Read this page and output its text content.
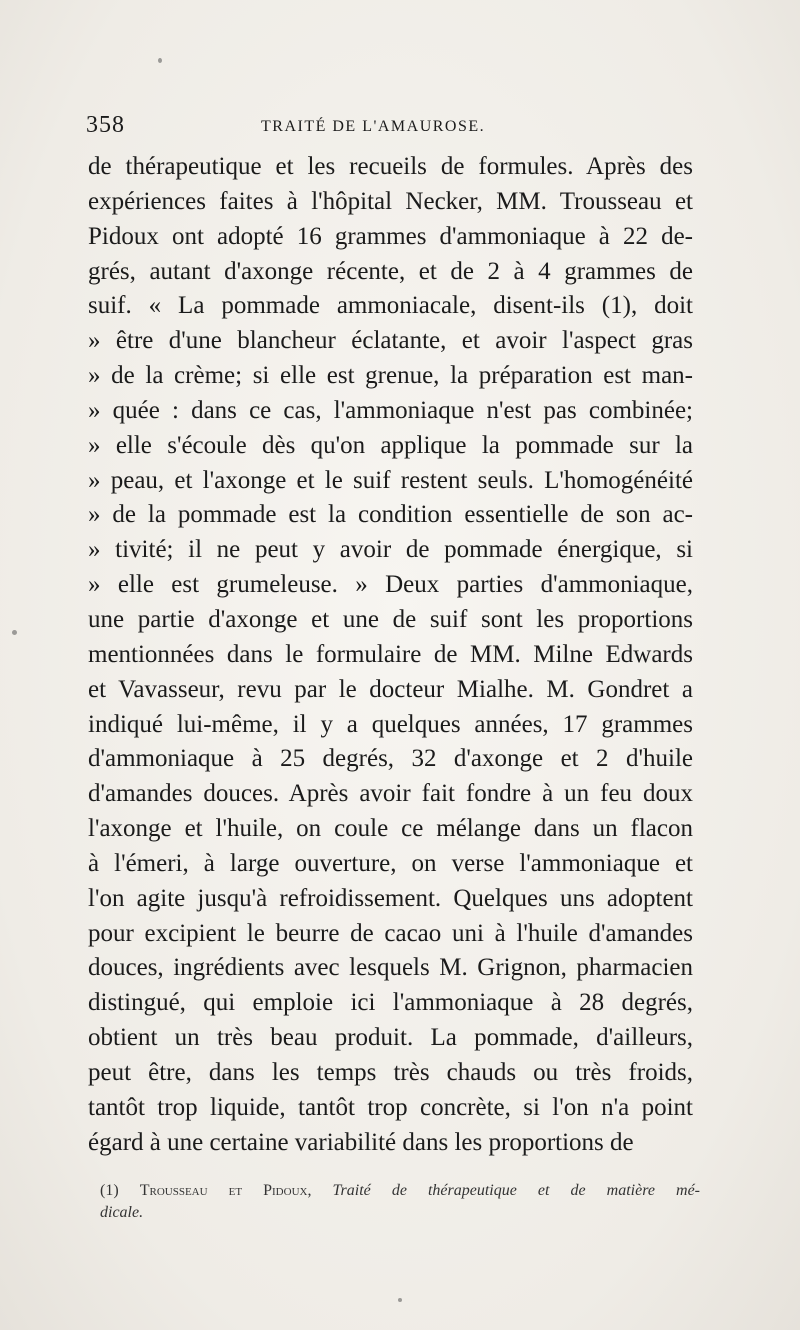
358	TRAITÉ DE L'AMAUROSE.
de thérapeutique et les recueils de formules. Après des
expériences faites à l'hôpital Necker, MM. Trousseau et
Pidoux ont adopté 16 grammes d'ammoniaque à 22 de-
grés, autant d'axonge récente, et de 2 à 4 grammes de
suif. « La pommade ammoniacale, disent-ils (1), doit
» être d'une blancheur éclatante, et avoir l'aspect gras
» de la crème; si elle est grenue, la préparation est man-
» quée : dans ce cas, l'ammoniaque n'est pas combinée;
» elle s'écoule dès qu'on applique la pommade sur la
» peau, et l'axonge et le suif restent seuls. L'homogénéité
» de la pommade est la condition essentielle de son ac-
» tivité; il ne peut y avoir de pommade énergique, si
» elle est grumeleuse. » Deux parties d'ammoniaque,
une partie d'axonge et une de suif sont les proportions
mentionnées dans le formulaire de MM. Milne Edwards
et Vavasseur, revu par le docteur Mialhe. M. Gondret a
indiqué lui-même, il y a quelques années, 17 grammes
d'ammoniaque à 25 degrés, 32 d'axonge et 2 d'huile
d'amandes douces. Après avoir fait fondre à un feu doux
l'axonge et l'huile, on coule ce mélange dans un flacon
à l'émeri, à large ouverture, on verse l'ammoniaque et
l'on agite jusqu'à refroidissement. Quelques uns adoptent
pour excipient le beurre de cacao uni à l'huile d'amandes
douces, ingrédients avec lesquels M. Grignon, pharmacien
distingué, qui emploie ici l'ammoniaque à 28 degrés,
obtient un très beau produit. La pommade, d'ailleurs,
peut être, dans les temps très chauds ou très froids,
tantôt trop liquide, tantôt trop concrète, si l'on n'a point
égard à une certaine variabilité dans les proportions de
(1) Trousseau et Pidoux, Traité de thérapeutique et de matière mé-
dicale.
